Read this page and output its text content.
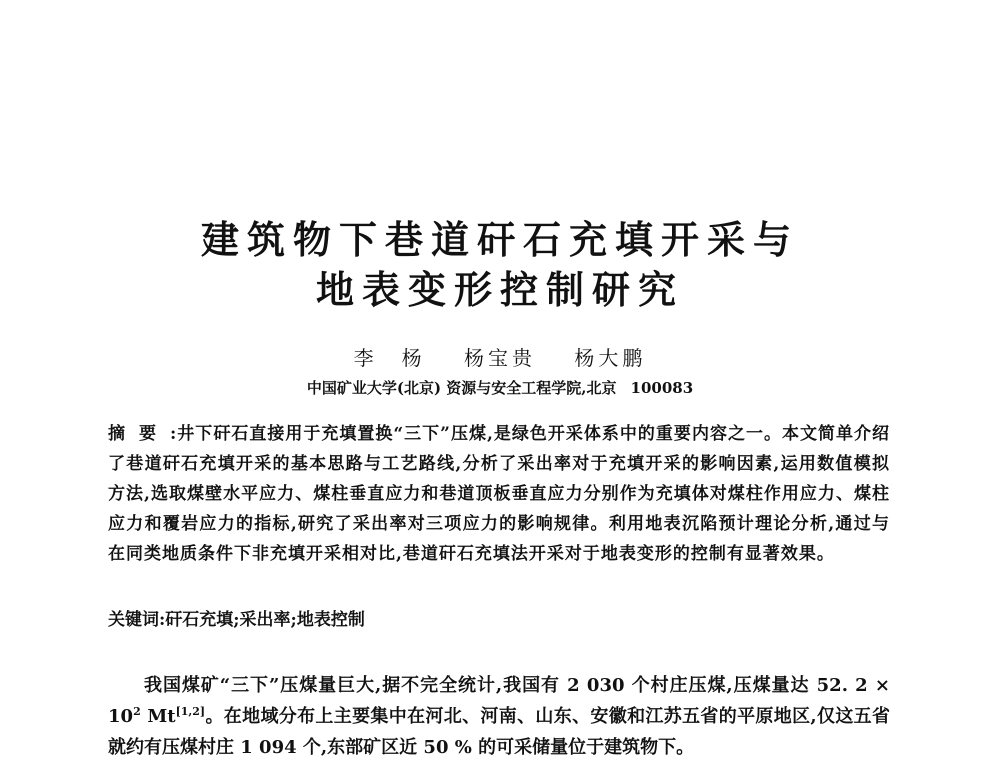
建筑物下巷道矸石充填开采与
地表变形控制研究
李　杨 杨宝贵 杨大鹏
中国矿业大学(北京) 资源与安全工程学院,北京 100083

摘要:井下矸石直接用于充填置换“三下”压煤,是绿色开采体系中的重要内容之一。本文简单介绍了巷道矸石充填开采的基本思路与工艺路线,分析了采出率对于充填开采的影响因素,运用数值模拟方法,选取煤壁水平应力、煤柱垂直应力和巷道顶板垂直应力分别作为充填体对煤柱作用应力、煤柱应力和覆岩应力的指标,研究了采出率对三项应力的影响规律。利用地表沉陷预计理论分析,通过与在同类地质条件下非充填开采相对比,巷道矸石充填法开采对于地表变形的控制有显著效果。

关键词:矸石充填;采出率;地表控制

我国煤矿“三下”压煤量巨大,据不完全统计,我国有 2 030 个村庄压煤,压煤量达 52. $2 \times 10^2$ Mt[1,2]。在地域分布上主要集中在河北、河南、山东、安徽和江苏五省的平原地区,仅这五省就约有压煤村庄 1 094 个,东部矿区近 50 % 的可采储量位于建筑物下。
